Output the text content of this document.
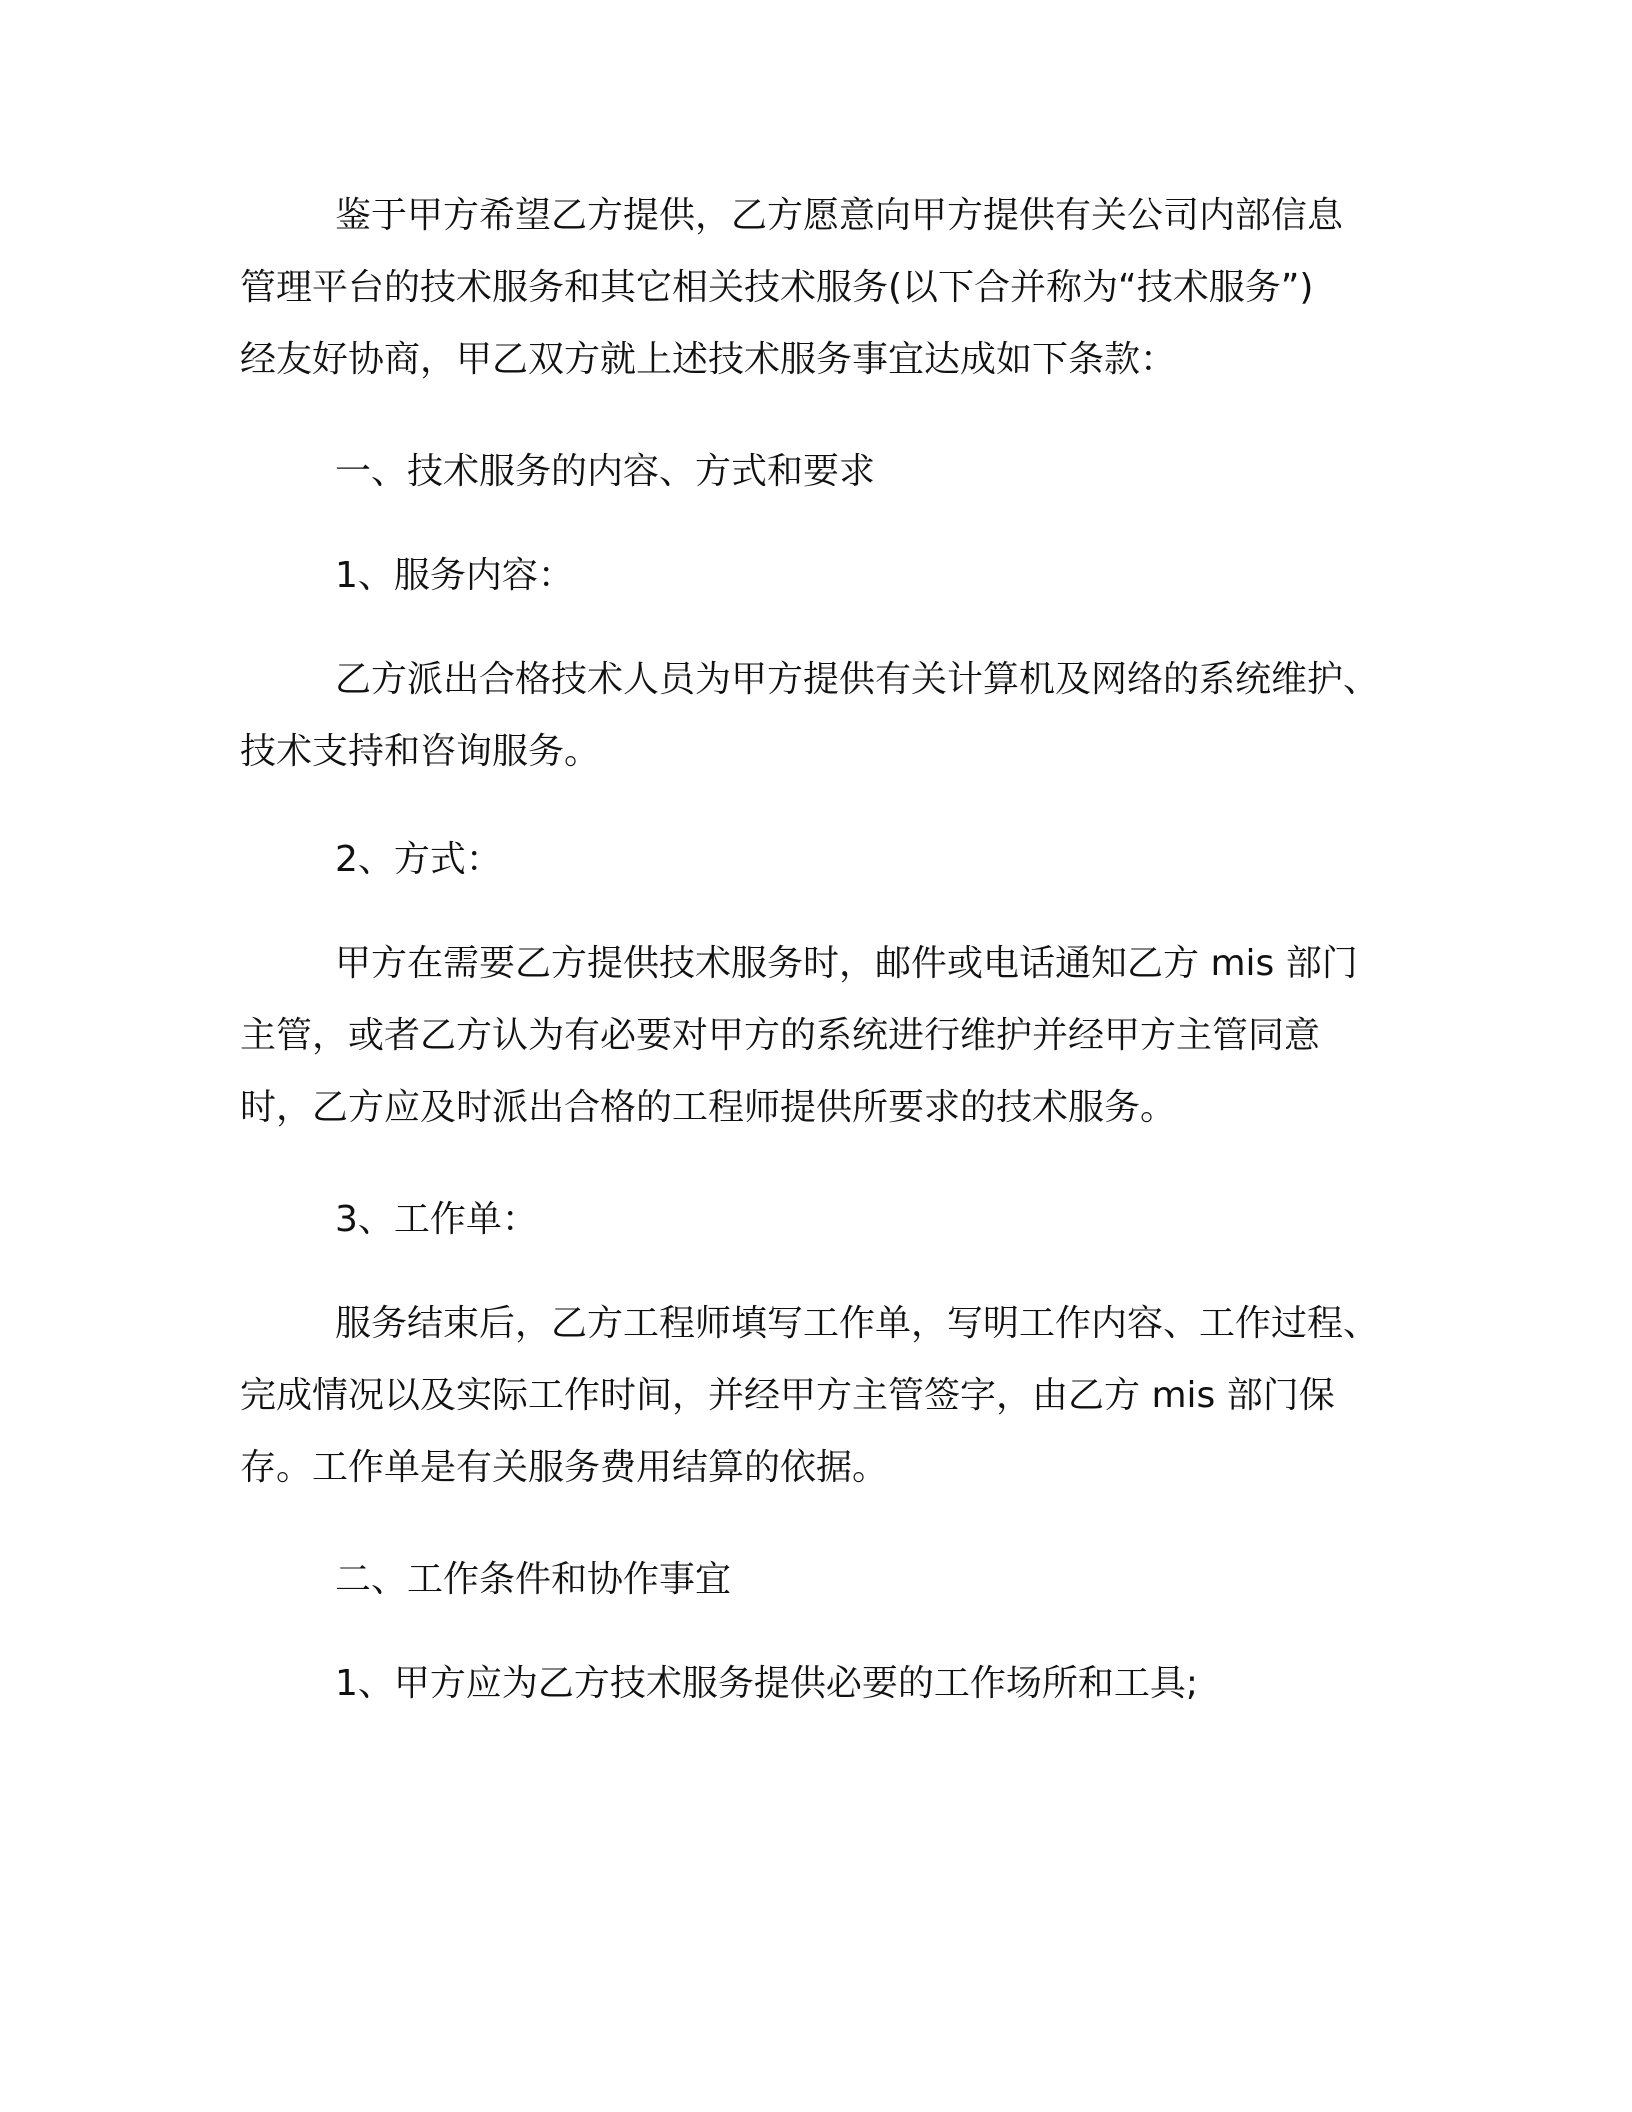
鉴于甲方希望乙方提供，乙方愿意向甲方提供有关公司内部信息
管理平台的技术服务和其它相关技术服务(以下合并称为“技术服务”)
经友好协商，甲乙双方就上述技术服务事宜达成如下条款：
一、技术服务的内容、方式和要求
1、服务内容：
乙方派出合格技术人员为甲方提供有关计算机及网络的系统维护、
技术支持和咨询服务。
2、方式：
甲方在需要乙方提供技术服务时，邮件或电话通知乙方 mis 部门
主管，或者乙方认为有必要对甲方的系统进行维护并经甲方主管同意
时，乙方应及时派出合格的工程师提供所要求的技术服务。
3、工作单：
服务结束后，乙方工程师填写工作单，写明工作内容、工作过程、
完成情况以及实际工作时间，并经甲方主管签字，由乙方 mis 部门保
存。工作单是有关服务费用结算的依据。
二、工作条件和协作事宜
1、甲方应为乙方技术服务提供必要的工作场所和工具;
